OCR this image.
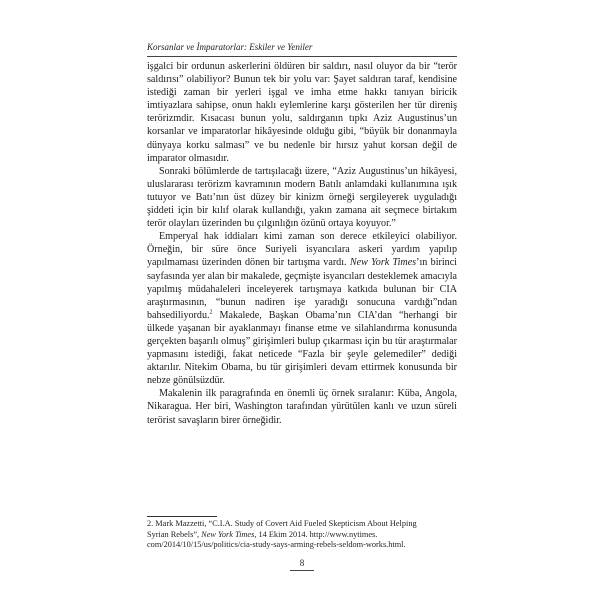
Korsanlar ve İmparatorlar: Eskiler ve Yeniler

işgalci bir ordunun askerlerini öldüren bir saldırı, nasıl oluyor da bir “terör saldırısı” olabiliyor? Bunun tek bir yolu var: Şayet saldıran taraf, kendisine istediği zaman bir yerleri işgal ve imha etme hakkı tanıyan biricik imtiyazlara sahipse, onun haklı eylemlerine karşı gösterilen her tür direniş terörizmdir. Kısacası bunun yolu, saldırganın tıpkı Aziz Augustinus’un korsanlar ve imparatorlar hikâyesinde olduğu gibi, “büyük bir donanmayla dünyaya korku salması” ve bu nedenle bir hırsız yahut korsan değil de imparator olmasıdır.

Sonraki bölümlerde de tartışılacağı üzere, “Aziz Augustinus’un hikâyesi, uluslararası terörizm kavramının modern Batılı anlamdaki kullanımına ışık tutuyor ve Batı’nın üst düzey bir kinizm örneği sergileyerek uyguladığı şiddeti için bir kılıf olarak kullandığı, yakın zamana ait seçmece birtakım terör olayları üzerinden bu çılgınlığın özünü ortaya koyuyor.”

Emperyal hak iddiaları kimi zaman son derece etkileyici olabiliyor. Örneğin, bir süre önce Suriyeli isyancılara askeri yardım yapılıp yapılmaması üzerinden dönen bir tartışma vardı. New York Times’ın birinci sayfasında yer alan bir makalede, geçmişte isyancıları desteklemek amacıyla yapılmış müdahaleleri inceleyerek tartışmaya katkıda bulunan bir CIA araştırmasının, “bunun nadiren işe yaradığı sonucuna vardığı”ndan bahsediliyordu.$^2$ Makalede, Başkan Obama’nın CIA’dan “herhangi bir ülkede yaşanan bir ayaklanmayı finanse etme ve silahlandırma konusunda gerçekten başarılı olmuş” girişimleri bulup çıkarması için bu tür araştırmalar yapmasını istediği, fakat neticede “Fazla bir şeyle gelemediler” dediği aktarılır. Nitekim Obama, bu tür girişimleri devam ettirmek konusunda bir nebze gönülsüzdür.

Makalenin ilk paragrafında en önemli üç örnek sıralanır: Küba, Angola, Nikaragua. Her biri, Washington tarafından yürütülen kanlı ve uzun süreli terörist savaşların birer örneğidir.

2. Mark Mazzetti, “C.I.A. Study of Covert Aid Fueled Skepticism About Helping
Syrian Rebels”, New York Times, 14 Ekim 2014. http://www.nytimes.
com/2014/10/15/us/politics/cia-study-says-arming-rebels-seldom-works.html.
8
